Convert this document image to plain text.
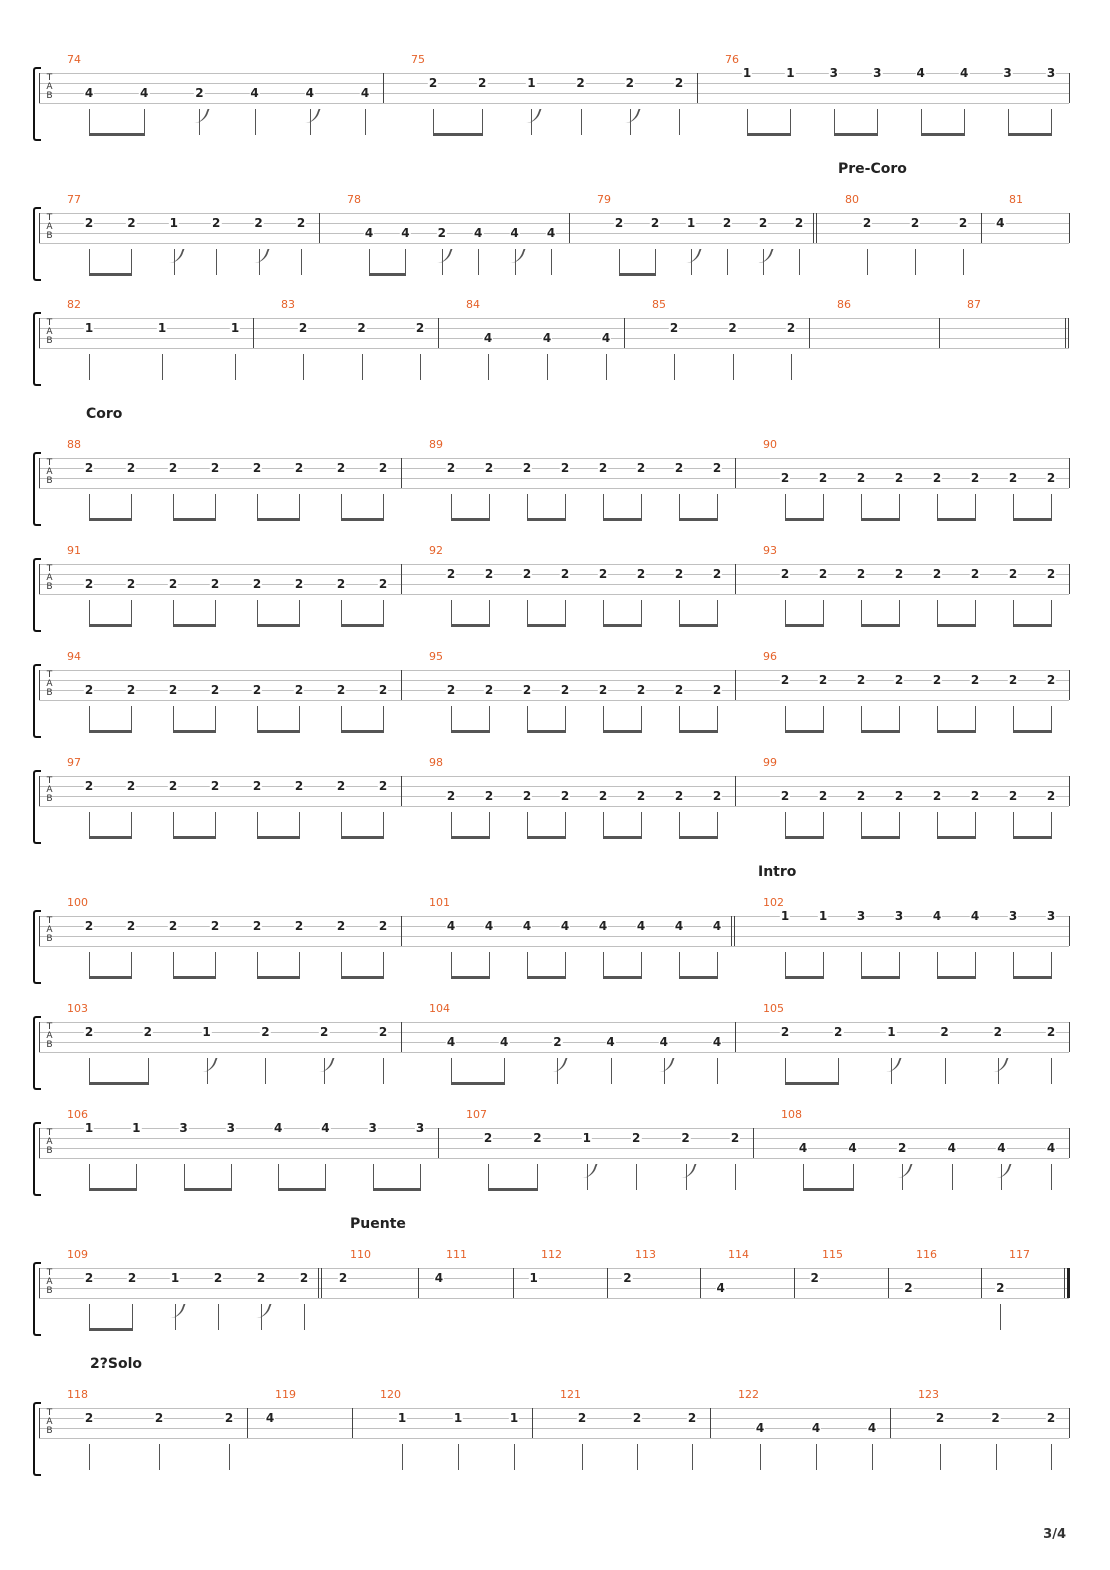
T
A
B
74
4	4	2	4	4	4
75
2	2	1	2	2	2
76
1	1	3	3	4	4	3	3
Pre-Coro
T
A
B
77
2	2	1	2	2	2
78
4 4 2 4 4 4
79
2 2 1 2 2 2
80
2	2	2
81
4
T
A
B
82
1	1	1
83
2	2	2
84
4	4	4
85
2	2	2
86	87
Coro
T
A
B
88
2	2	2	2	2	2	2	2
89
2 2 2 2 2 2 2 2
90
2 2 2 2 2 2 2 2
T
A
B
91
2	2	2	2	2	2	2	2
92
2 2 2 2 2 2 2 2
93
2 2 2 2 2 2 2 2
T
A
B
94
2	2	2	2	2	2	2	2
95
2 2 2 2 2 2 2 2
96
2 2 2 2 2 2 2 2
T
A
B
97
2	2	2	2	2	2	2	2
98
2 2 2 2 2 2 2 2
99
2 2 2 2 2 2 2 2
Intro
T
A
B
100
2	2	2	2	2	2	2	2
101
4 4 4 4 4 4 4 4
102
1 1 3 3 4 4 3 3
T
A
B
103
2	2	1	2	2	2
104
4	4	2	4	4	4
105
2	2	1	2	2	2
T
A
B
106
1	1	3	3	4	4	3	3
107
2	2	1	2	2	2
108
4	4	2	4	4	4
Puente
T
A
B
109
2	2	1	2	2	2
110
2
111
4
112
1
113
2
114
4
115
2
116
2
117
2
2?Solo
T
A
B
118
2	2	2
119
4
120
1	1	1
121
2	2	2
122
4	4	4
123
2	2	2
3/4
